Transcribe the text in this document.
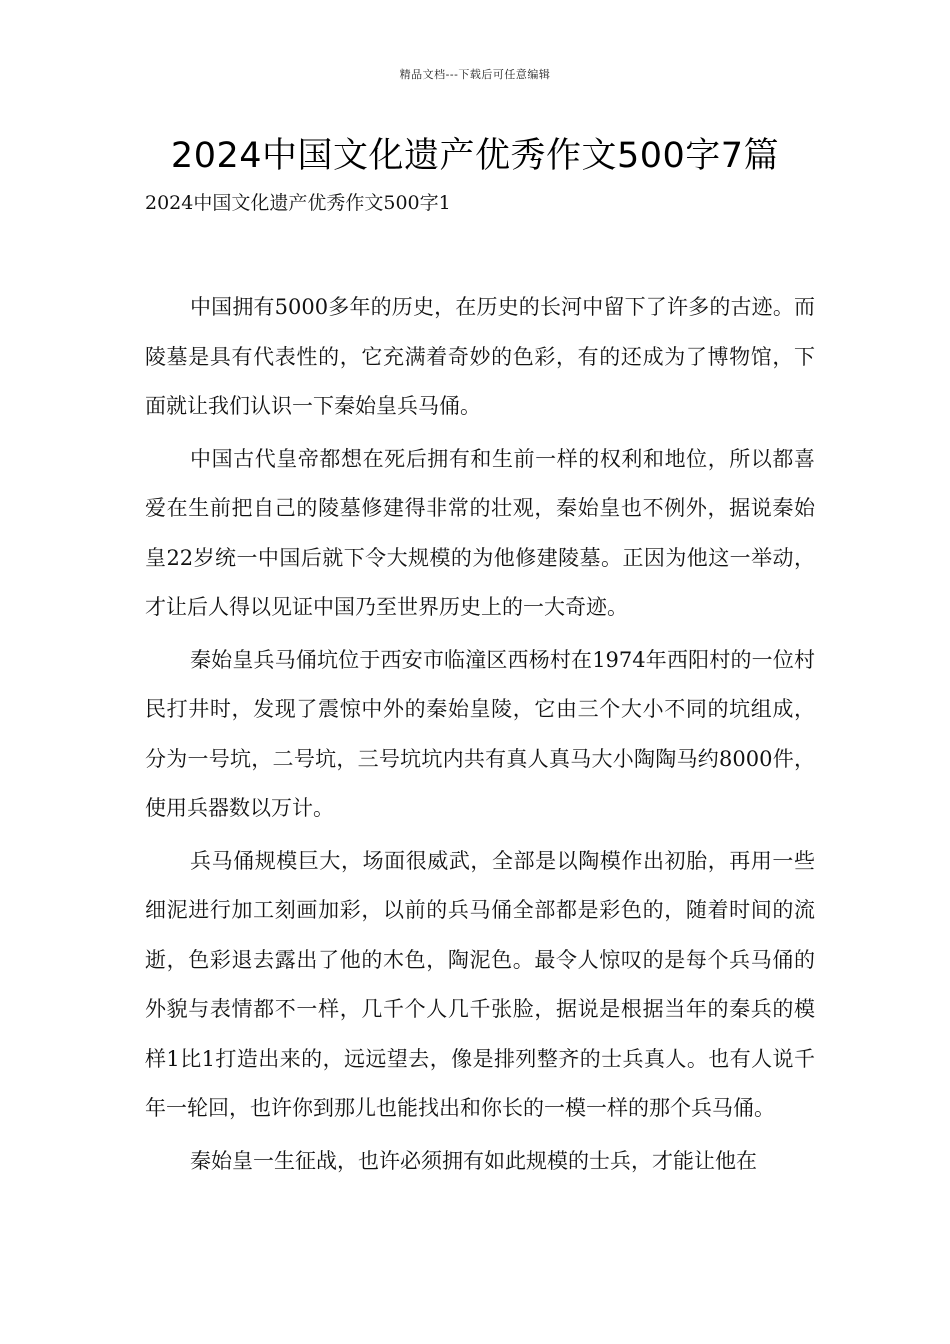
精品文档---下载后可任意编辑
2024中国文化遗产优秀作文500字7篇
2024中国文化遗产优秀作文500字1

中国拥有5000多年的历史，在历史的长河中留下了许多的古迹。而陵墓是具有代表性的，它充满着奇妙的色彩，有的还成为了博物馆，下面就让我们认识一下秦始皇兵马俑。

中国古代皇帝都想在死后拥有和生前一样的权利和地位，所以都喜爱在生前把自己的陵墓修建得非常的壮观，秦始皇也不例外，据说秦始皇22岁统一中国后就下令大规模的为他修建陵墓。正因为他这一举动，才让后人得以见证中国乃至世界历史上的一大奇迹。

秦始皇兵马俑坑位于西安市临潼区西杨村在1974年西阳村的一位村民打井时，发现了震惊中外的秦始皇陵，它由三个大小不同的坑组成，分为一号坑，二号坑，三号坑坑内共有真人真马大小陶陶马约8000件，使用兵器数以万计。

兵马俑规模巨大，场面很威武，全部是以陶模作出初胎，再用一些细泥进行加工刻画加彩，以前的兵马俑全部都是彩色的，随着时间的流逝，色彩退去露出了他的木色，陶泥色。最令人惊叹的是每个兵马俑的外貌与表情都不一样，几千个人几千张脸，据说是根据当年的秦兵的模样1比1打造出来的，远远望去，像是排列整齐的士兵真人。也有人说千年一轮回，也许你到那儿也能找出和你长的一模一样的那个兵马俑。

秦始皇一生征战，也许必须拥有如此规模的士兵，才能让他在
